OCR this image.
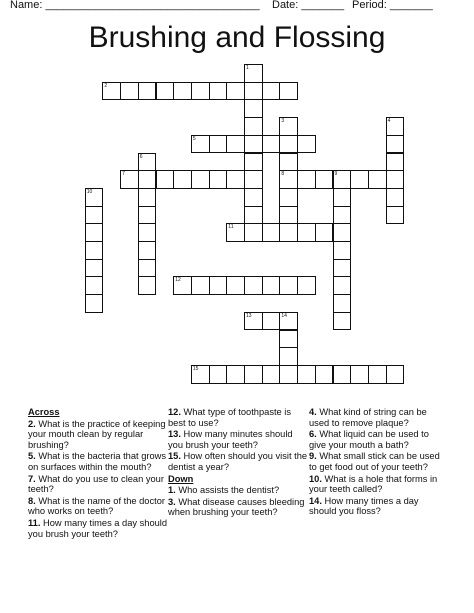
Name: ___________________________________ Date: _______ Period: _______
Brushing and Flossing
1
2
3
8
4
5
6
7	9
10
11
12
13	14
15
Across
2. What is the practice of keeping your mouth clean by regular brushing?
5. What is the bacteria that grows on surfaces within the mouth?
7. What do you use to clean your teeth?
8. What is the name of the doctor who works on teeth?
11. How many times a day should you brush your teeth?
12. What type of toothpaste is best to use?
13. How many minutes should you brush your teeth?
15. How often should you visit the dentist a year?
Down
1. Who assists the dentist?
3. What disease causes bleeding when brushing your teeth?
4. What kind of string can be used to remove plaque?
6. What liquid can be used to give your mouth a bath?
9. What small stick can be used to get food out of your teeth?
10. What is a hole that forms in your teeth called?
14. How many times a day should you floss?
